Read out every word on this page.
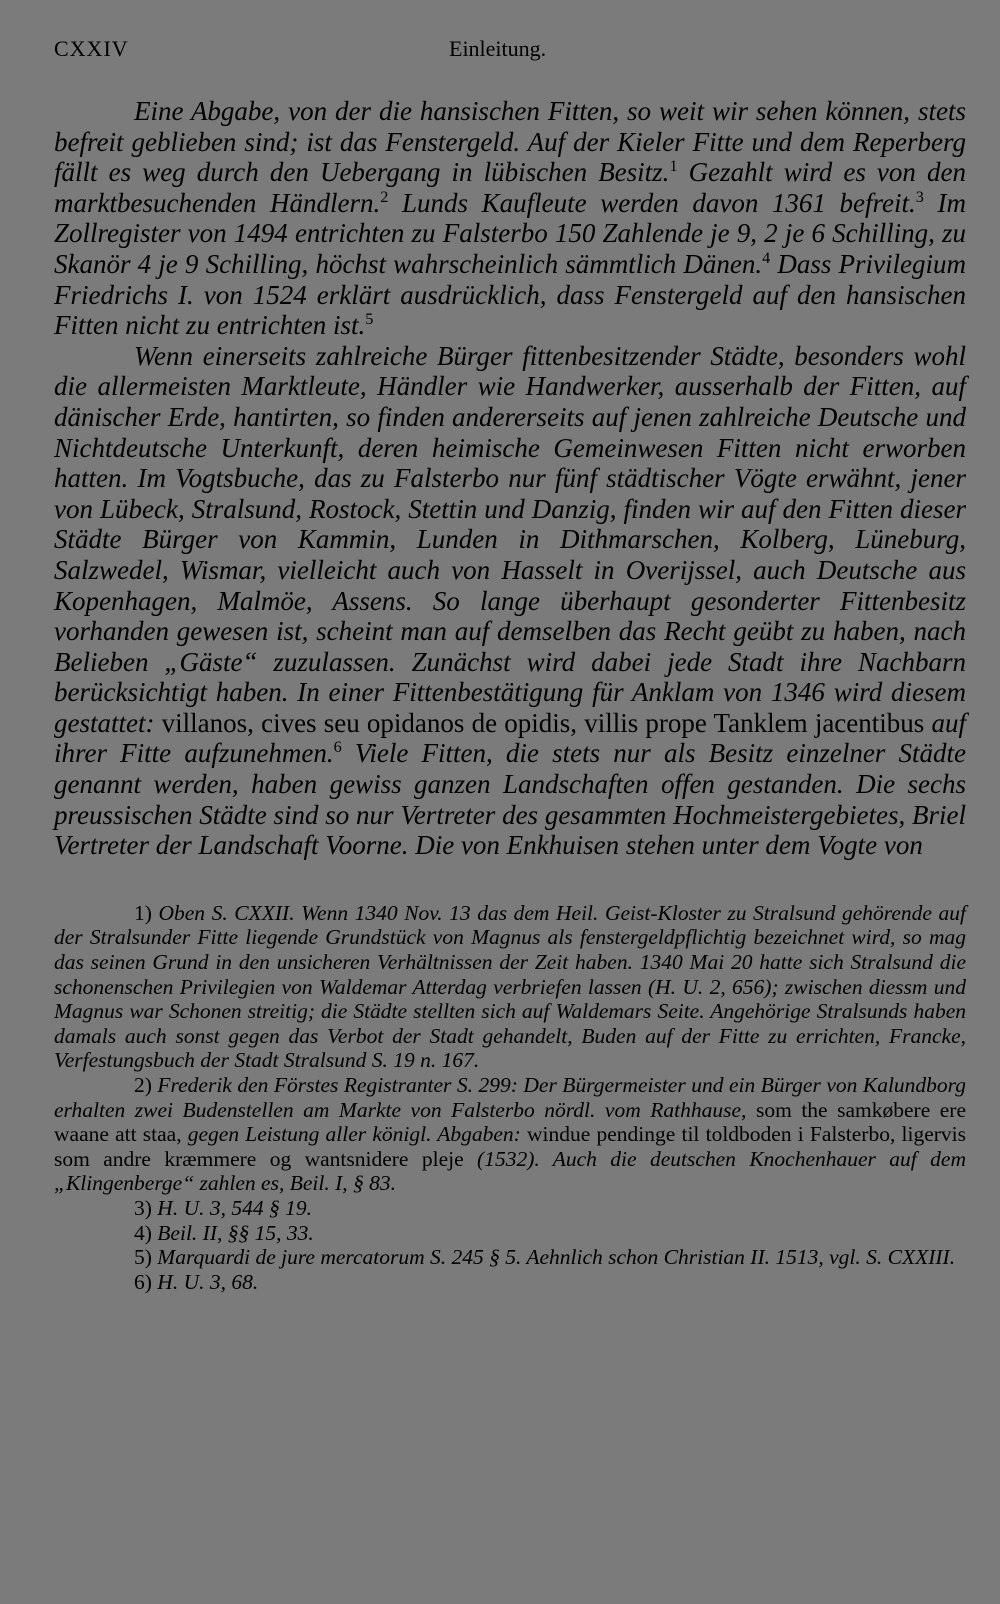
CXXIV	Einleitung.

Eine Abgabe, von der die hansischen Fitten, so weit wir sehen können, stets befreit geblieben sind; ist das Fenstergeld. Auf der Kieler Fitte und dem Reperberg fällt es weg durch den Uebergang in lübischen Besitz.$^1$ Gezahlt wird es von den marktbesuchenden Händlern.$^2$ Lunds Kaufleute werden davon 1361 befreit.$^3$ Im Zollregister von 1494 entrichten zu Falsterbo 150 Zahlende je 9, 2 je 6 Schilling, zu Skanör 4 je 9 Schilling, höchst wahrscheinlich sämmtlich Dänen.$^4$ Dass Privilegium Friedrichs I. von 1524 erklärt ausdrücklich, dass Fenstergeld auf den hansischen Fitten nicht zu entrichten ist.$^5$

Wenn einerseits zahlreiche Bürger fittenbesitzender Städte, besonders wohl die allermeisten Marktleute, Händler wie Handwerker, ausserhalb der Fitten, auf dänischer Erde, hantirten, so finden andererseits auf jenen zahlreiche Deutsche und Nichtdeutsche Unterkunft, deren heimische Gemeinwesen Fitten nicht erworben hatten. Im Vogtsbuche, das zu Falsterbo nur fünf städtischer Vögte erwähnt, jener von Lübeck, Stralsund, Rostock, Stettin und Danzig, finden wir auf den Fitten dieser Städte Bürger von Kammin, Lunden in Dithmarschen, Kolberg, Lüneburg, Salzwedel, Wismar, vielleicht auch von Hasselt in Overijssel, auch Deutsche aus Kopenhagen, Malmöe, Assens. So lange überhaupt gesonderter Fittenbesitz vorhanden gewesen ist, scheint man auf demselben das Recht geübt zu haben, nach Belieben „Gäste“ zuzulassen. Zunächst wird dabei jede Stadt ihre Nachbarn berücksichtigt haben. In einer Fittenbestätigung für Anklam von 1346 wird diesem gestattet: villanos, cives seu opidanos de opidis, villis prope Tanklem jacentibus auf ihrer Fitte aufzunehmen.$^6$ Viele Fitten, die stets nur als Besitz einzelner Städte genannt werden, haben gewiss ganzen Landschaften offen gestanden. Die sechs preussischen Städte sind so nur Vertreter des gesammten Hochmeistergebietes, Briel Vertreter der Landschaft Voorne. Die von Enkhuisen stehen unter dem Vogte von

1) Oben S. CXXII. Wenn 1340 Nov. 13 das dem Heil. Geist-Kloster zu Stralsund gehörende auf der Stralsunder Fitte liegende Grundstück von Magnus als fenstergeldpflichtig bezeichnet wird, so mag das seinen Grund in den unsicheren Verhältnissen der Zeit haben. 1340 Mai 20 hatte sich Stralsund die schonenschen Privilegien von Waldemar Atterdag verbriefen lassen (H. U. 2, 656); zwischen diessm und Magnus war Schonen streitig; die Städte stellten sich auf Waldemars Seite. Angehörige Stralsunds haben damals auch sonst gegen das Verbot der Stadt gehandelt, Buden auf der Fitte zu errichten, Francke, Verfestungsbuch der Stadt Stralsund S. 19 n. 167.

2) Frederik den Förstes Registranter S. 299: Der Bürgermeister und ein Bürger von Kalundborg erhalten zwei Budenstellen am Markte von Falsterbo nördl. vom Rathhause, som the samkøbere ere waane att staa, gegen Leistung aller königl. Abgaben: windue pendinge til toldboden i Falsterbo, ligervis som andre kræmmere og wantsnidere pleje (1532). Auch die deutschen Knochenhauer auf dem „Klingenberge“ zahlen es, Beil. I, § 83.

3) H. U. 3, 544 § 19.

4) Beil. II, §§ 15, 33.

5) Marquardi de jure mercatorum S. 245 § 5. Aehnlich schon Christian II. 1513, vgl. S. CXXIII.

6) H. U. 3, 68.
